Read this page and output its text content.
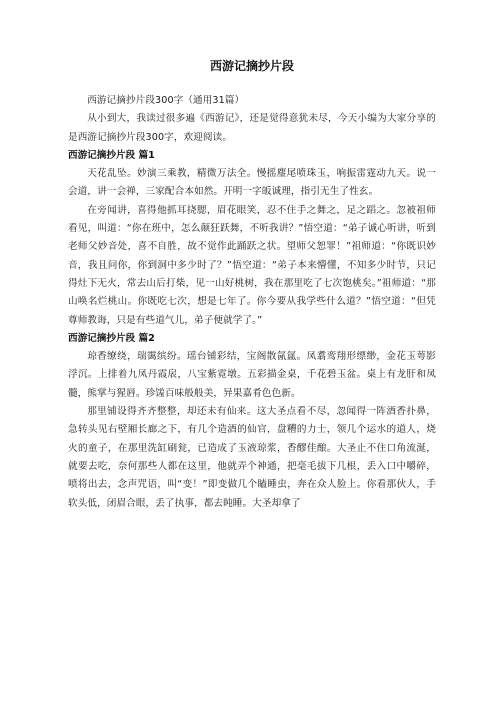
西游记摘抄片段

西游记摘抄片段300字（通用31篇）

从小到大，我读过很多遍《西游记》，还是觉得意犹未尽，今天小编为大家分享的是西游记摘抄片段300字，欢迎阅读。

西游记摘抄片段 篇1

天花乱坠。妙演三乘教，精微万法全。慢摇麈尾喷珠玉，响振雷霆动九天。说一会道，讲一会禅，三家配合本如然。开明一字皈诚理，指引无生了性玄。

在旁闻讲，喜得他抓耳挠腮，眉花眼笑，忍不住手之舞之，足之蹈之。忽被祖师看见，叫道：“你在班中，怎么颠狂跃舞，不听我讲？”悟空道：“弟子诚心听讲，听到老师父妙音处，喜不自胜，故不觉作此踊跃之状。望师父恕罪！”祖师道：“你既识妙音，我且问你，你到洞中多少时了？”悟空道：“弟子本来懵懂，不知多少时节，只记得灶下无火，常去山后打柴，见一山好桃树，我在那里吃了七次饱桃矣。”祖师道：“那山唤名烂桃山。你既吃七次，想是七年了。你今要从我学些什么道？”悟空道：“但凭尊师教诲，只是有些道气儿，弟子便就学了。”

西游记摘抄片段 篇2

琼香缭绕，瑞霭缤纷。瑶台铺彩结，宝阁散氤氲。凤翥鸾翔形缥缈，金花玉萼影浮沉。上排着九凤丹霞扆，八宝紫霓墩。五彩描金桌，千花碧玉盆。桌上有龙肝和凤髓，熊掌与猩唇。珍馐百味般般美，异果嘉肴色色新。

那里铺设得齐齐整整，却还未有仙来。这大圣点看不尽，忽闻得一阵酒香扑鼻，急转头见右壁厢长廊之下，有几个造酒的仙官，盘糟的力士，领几个运水的道人，烧火的童子，在那里洗缸刷瓮，已造成了玉液琼浆，香醪佳酿。大圣止不住口角流涎，就要去吃，奈何那些人都在这里，他就弄个神通，把毫毛拔下几根，丢入口中嚼碎，喷将出去，念声咒语，叫“变！”即变做几个瞌睡虫，奔在众人脸上。你看那伙人，手软头低，闭眉合眼，丢了执事，都去盹睡。大圣却拿了
